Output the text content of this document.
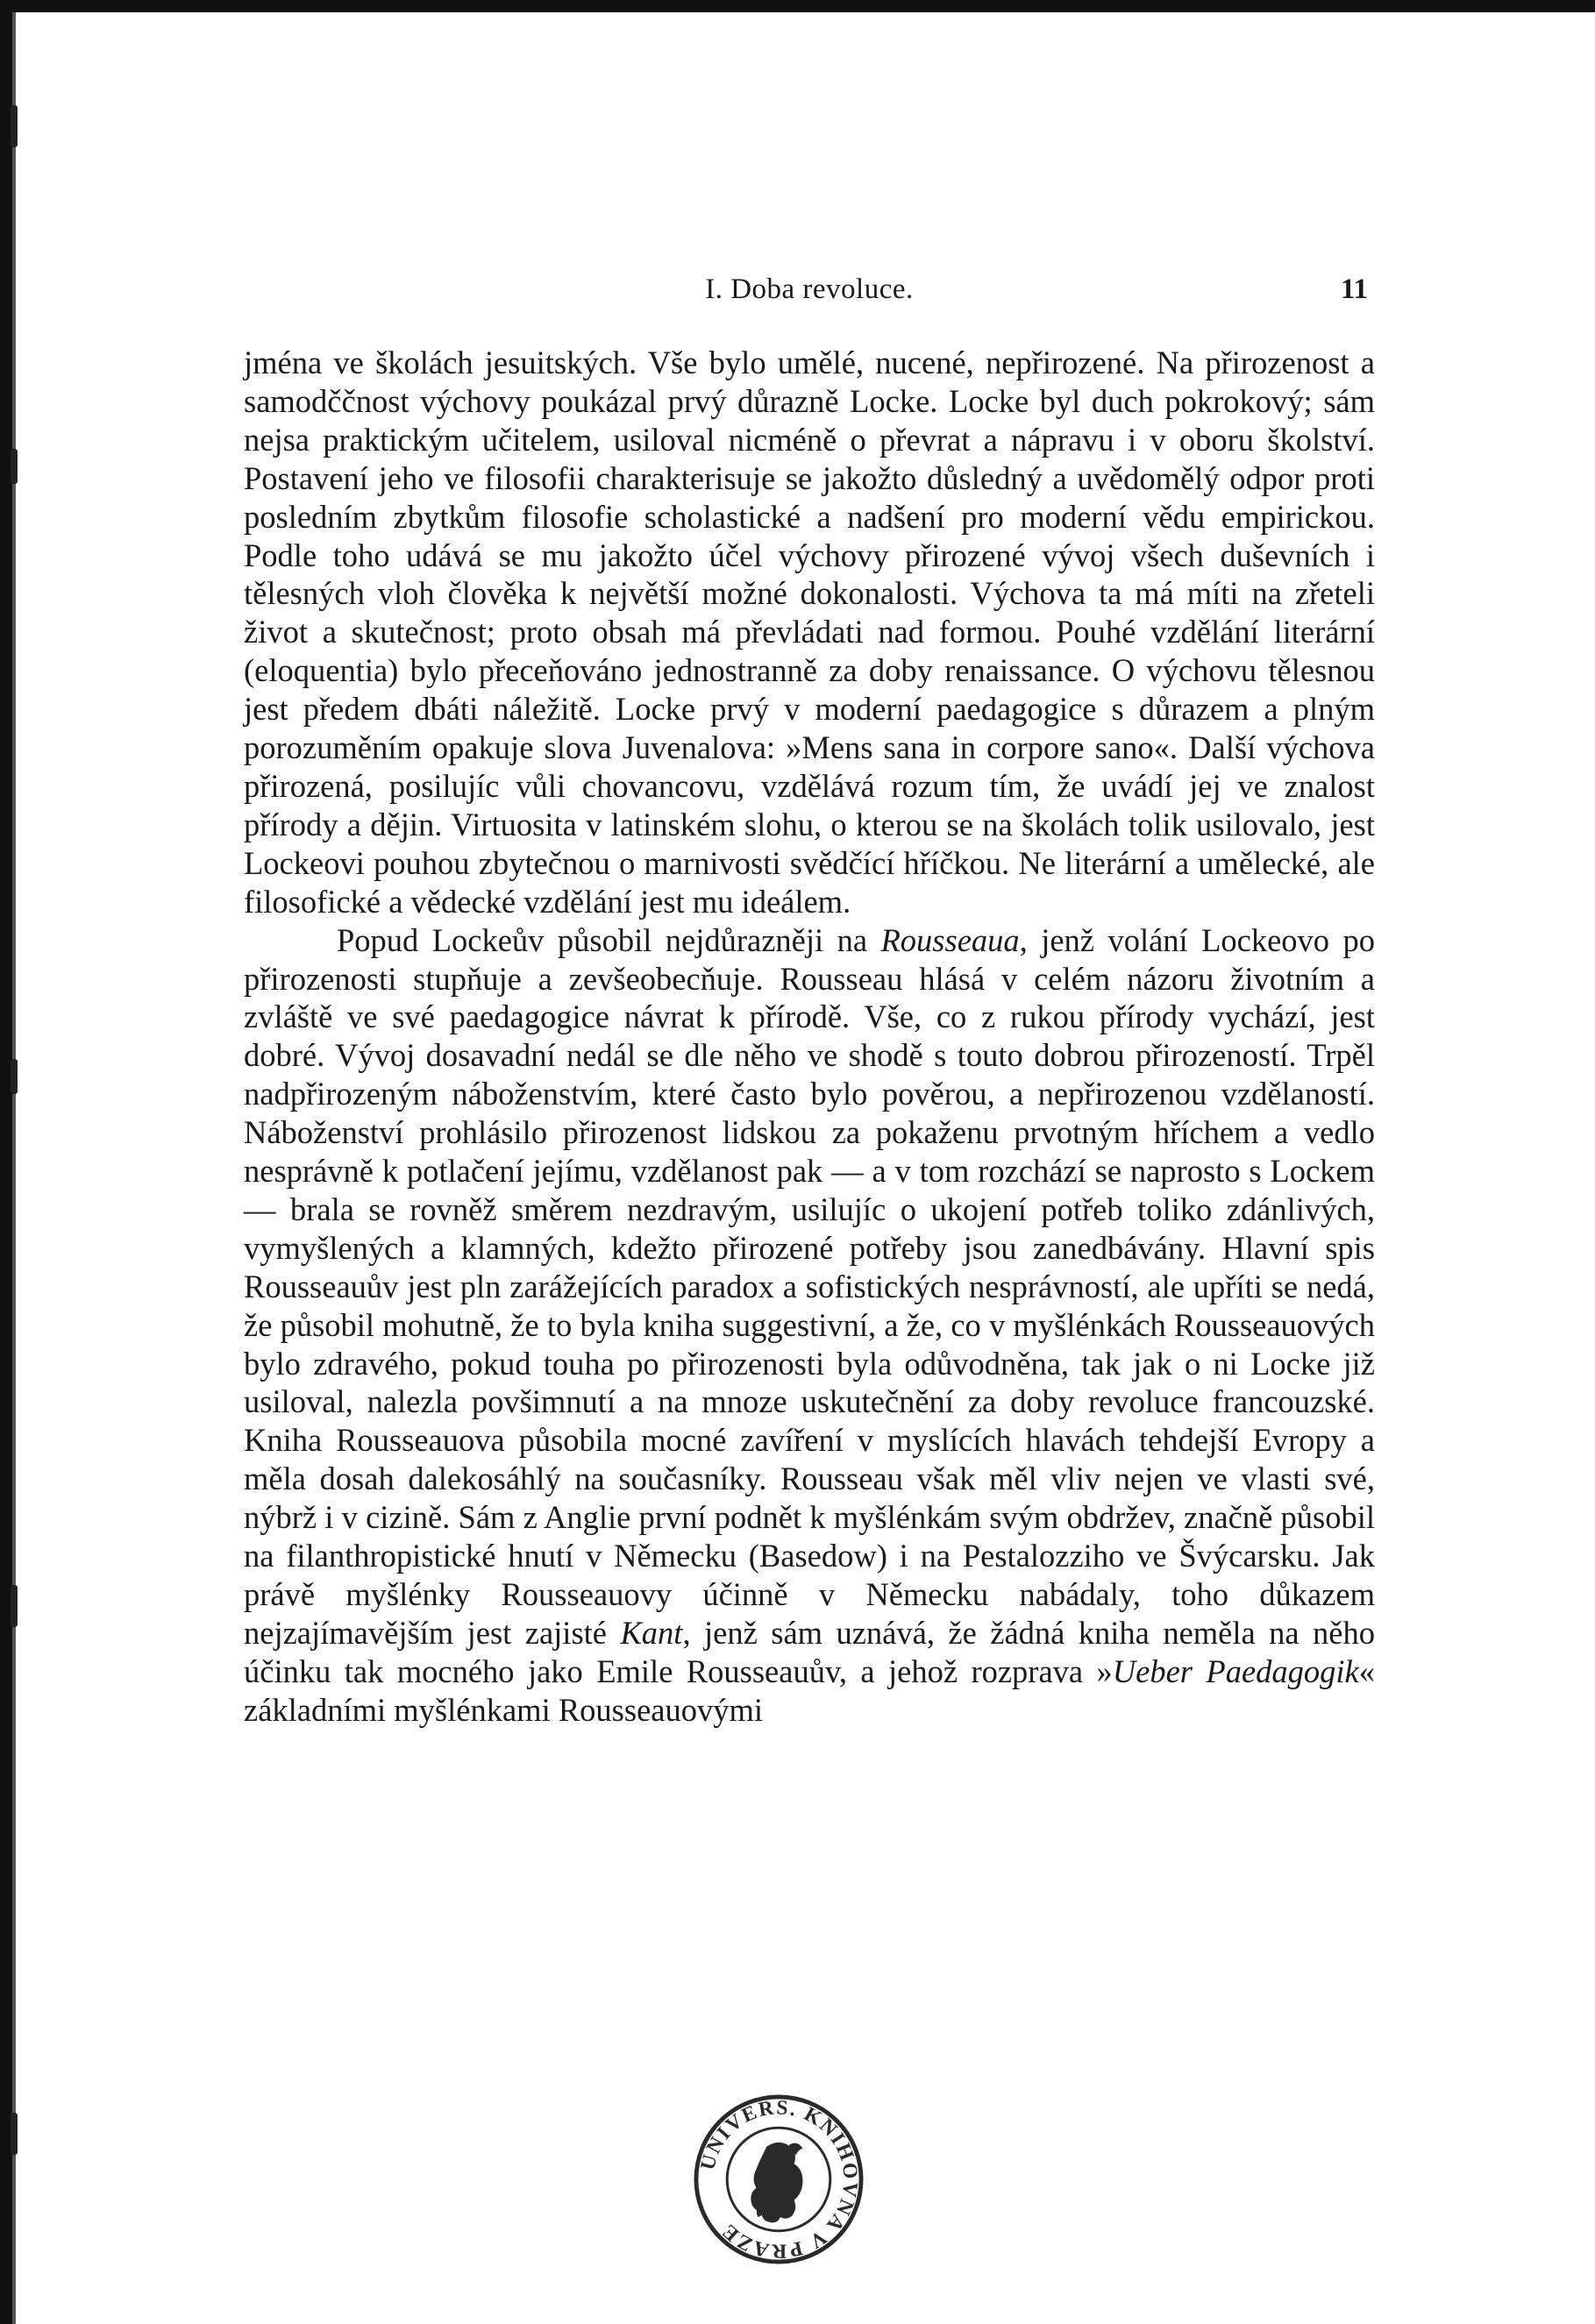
I. Doba revoluce.	11

jména ve školách jesuitských. Vše bylo umělé, nucené, nepřirozené. Na přirozenost a samodččnost výchovy poukázal prvý důrazně Locke. Locke byl duch pokrokový; sám nejsa praktickým učitelem, usiloval nicméně o převrat a nápravu i v oboru školství. Postavení jeho ve filosofii charakterisuje se jakožto důsledný a uvědomělý odpor proti posledním zbytkům filosofie scholastické a nadšení pro moderní vědu empirickou. Podle toho udává se mu jakožto účel výchovy přirozené vývoj všech duševních i tělesných vloh člověka k největší možné dokonalosti. Výchova ta má míti na zřeteli život a skutečnost; proto obsah má převládati nad formou. Pouhé vzdělání literární (eloquentia) bylo přeceňováno jednostranně za doby renaissance. O výchovu tělesnou jest předem dbáti náležitě. Locke prvý v moderní paedagogice s důrazem a plným porozuměním opakuje slova Juvenalova: »Mens sana in corpore sano«. Další výchova přirozená, posilujíc vůli chovancovu, vzdělává rozum tím, že uvádí jej ve znalost přírody a dějin. Virtuosita v latinském slohu, o kterou se na školách tolik usilovalo, jest Lockeovi pouhou zbytečnou o marnivosti svědčící hříčkou. Ne literární a umělecké, ale filosofické a vědecké vzdělání jest mu ideálem.

Popud Lockeův působil nejdůrazněji na Rousseaua, jenž volání Lockeovo po přirozenosti stupňuje a zevšeobecňuje. Rousseau hlásá v celém názoru životním a zvláště ve své paedagogice návrat k přírodě. Vše, co z rukou přírody vychází, jest dobré. Vývoj dosavadní nedál se dle něho ve shodě s touto dobrou přirozeností. Trpěl nadpřirozeným náboženstvím, které často bylo pověrou, a nepřirozenou vzdělaností. Náboženství prohlásilo přirozenost lidskou za pokaženu prvotným hříchem a vedlo nesprávně k potlačení jejímu, vzdělanost pak — a v tom rozchází se naprosto s Lockem — brala se rovněž směrem nezdravým, usilujíc o ukojení potřeb toliko zdánlivých, vymyšlených a klamných, kdežto přirozené potřeby jsou zanedbávány. Hlavní spis Rousseauův jest pln zarážejících paradox a sofistických nesprávností, ale upříti se nedá, že působil mohutně, že to byla kniha suggestivní, a že, co v myšlénkách Rousseauových bylo zdravého, pokud touha po přirozenosti byla odůvodněna, tak jak o ni Locke již usiloval, nalezla povšimnutí a na mnoze uskutečnění za doby revoluce francouzské. Kniha Rousseauova působila mocné zavíření v myslících hlavách tehdejší Evropy a měla dosah dalekosáhlý na současníky. Rousseau však měl vliv nejen ve vlasti své, nýbrž i v cizině. Sám z Anglie první podnět k myšlénkám svým obdržev, značně působil na filanthropistické hnutí v Německu (Basedow) i na Pestalozziho ve Švýcarsku. Jak právě myšlénky Rousseauovy účinně v Německu nabádaly, toho důkazem nejzajímavějším jest zajisté Kant, jenž sám uznává, že žádná kniha neměla na něho účinku tak mocného jako Emile Rousseauův, a jehož rozprava »Ueber Paedagogik« základními myšlénkami Rousseauovými

UNIVERS. KNIHOVNA V PRAZE
